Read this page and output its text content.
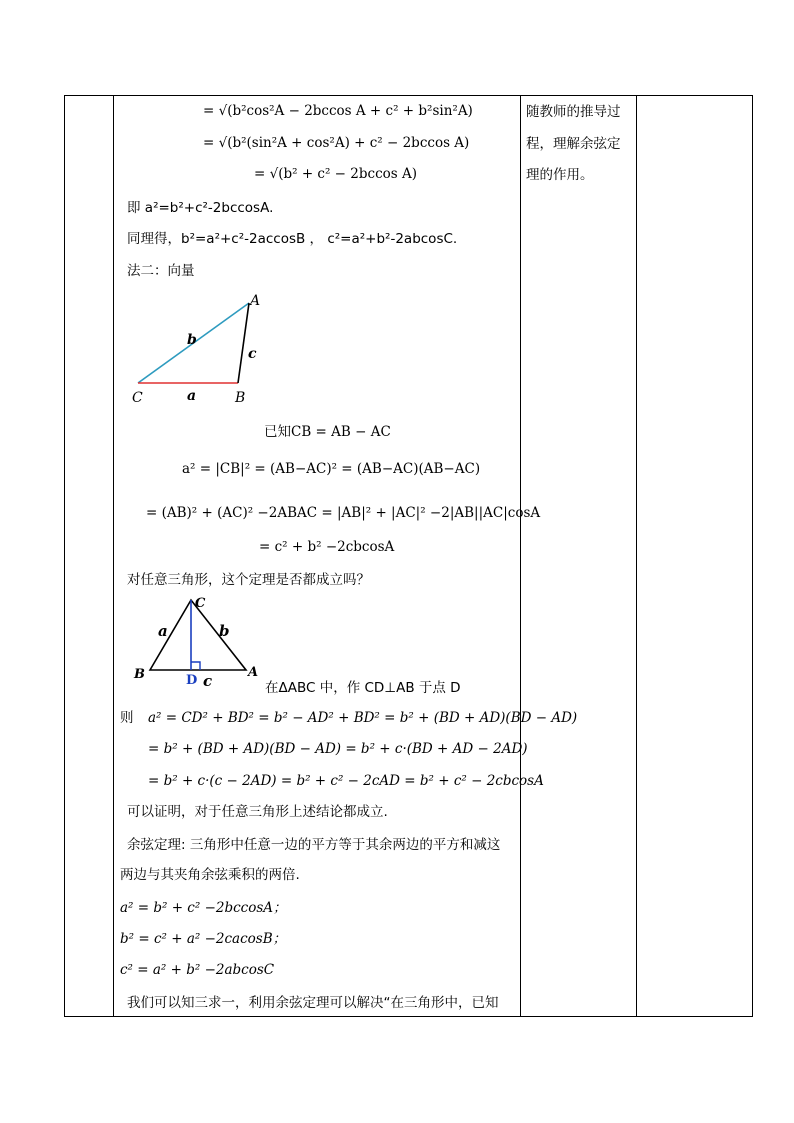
= √(b²cos²A − 2bccos A + c² + b²sin²A)
= √(b²(sin²A + cos²A) + c² − 2bccos A)
= √(b² + c² − 2bccos A)
即 a²=b²+c²-2bccosA.
同理得，b²=a²+c²-2accosB ， c²=a²+b²-2abcosC.
法二：向量
A
C	B
b
a
c
已知CB = AB − AC
a² = |CB|² = (AB−AC)² = (AB−AC)(AB−AC)
= (AB)² + (AC)² −2ABAC = |AB|² + |AC|² −2|AB||AC|cosA
= c² + b² −2cbcosA
对任意三角形，这个定理是否都成立吗？
C
B	A
D
a	b
c	在ΔABC 中，作 CD⊥AB 于点 D
则 a² = CD² + BD² = b² − AD² + BD² = b² + (BD + AD)(BD − AD)
= b² + (BD + AD)(BD − AD) = b² + c·(BD + AD − 2AD)
= b² + c·(c − 2AD) = b² + c² − 2cAD = b² + c² − 2cbcosA
可以证明，对于任意三角形上述结论都成立.
余弦定理: 三角形中任意一边的平方等于其余两边的平方和减这
两边与其夹角余弦乘积的两倍.
a² = b² + c² −2bccosA；
b² = c² + a² −2cacosB；
c² = a² + b² −2abcosC
我们可以知三求一，利用余弦定理可以解决“在三角形中，已知
随教师的推导过
程，理解余弦定
理的作用。
